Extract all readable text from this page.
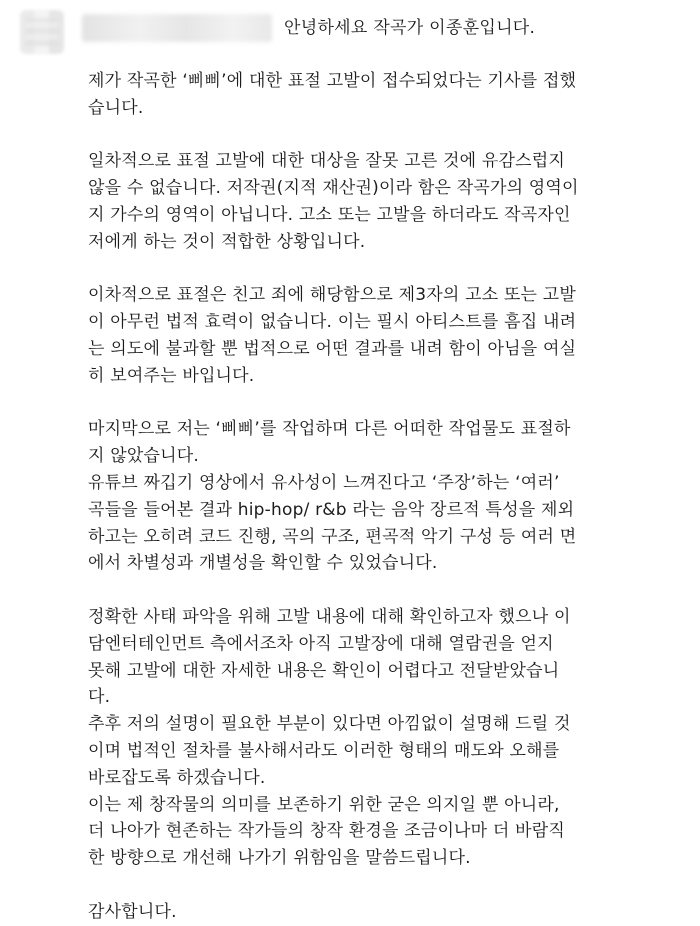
안녕하세요 작곡가 이종훈입니다.

제가 작곡한 ‘삐삐’에 대한 표절 고발이 접수되었다는 기사를 접했
습니다.

일차적으로 표절 고발에 대한 대상을 잘못 고른 것에 유감스럽지
않을 수 없습니다. 저작권(지적 재산권)이라 함은 작곡가의 영역이
지 가수의 영역이 아닙니다. 고소 또는 고발을 하더라도 작곡자인
저에게 하는 것이 적합한 상황입니다.

이차적으로 표절은 친고 죄에 해당함으로 제3자의 고소 또는 고발
이 아무런 법적 효력이 없습니다. 이는 필시 아티스트를 흠집 내려
는 의도에 불과할 뿐 법적으로 어떤 결과를 내려 함이 아님을 여실
히 보여주는 바입니다.

마지막으로 저는 ‘삐삐’를 작업하며 다른 어떠한 작업물도 표절하
지 않았습니다.
유튜브 짜깁기 영상에서 유사성이 느껴진다고 ‘주장’하는 ‘여러’
곡들을 들어본 결과 hip-hop/ r&b 라는 음악 장르적 특성을 제외
하고는 오히려 코드 진행, 곡의 구조, 편곡적 악기 구성 등 여러 면
에서 차별성과 개별성을 확인할 수 있었습니다.

정확한 사태 파악을 위해 고발 내용에 대해 확인하고자 했으나 이
담엔터테인먼트 측에서조차 아직 고발장에 대해 열람권을 얻지
못해 고발에 대한 자세한 내용은 확인이 어렵다고 전달받았습니
다.
추후 저의 설명이 필요한 부분이 있다면 아낌없이 설명해 드릴 것
이며 법적인 절차를 불사해서라도 이러한 형태의 매도와 오해를
바로잡도록 하겠습니다.
이는 제 창작물의 의미를 보존하기 위한 굳은 의지일 뿐 아니라,
더 나아가 현존하는 작가들의 창작 환경을 조금이나마 더 바람직
한 방향으로 개선해 나가기 위함임을 말씀드립니다.

감사합니다.
